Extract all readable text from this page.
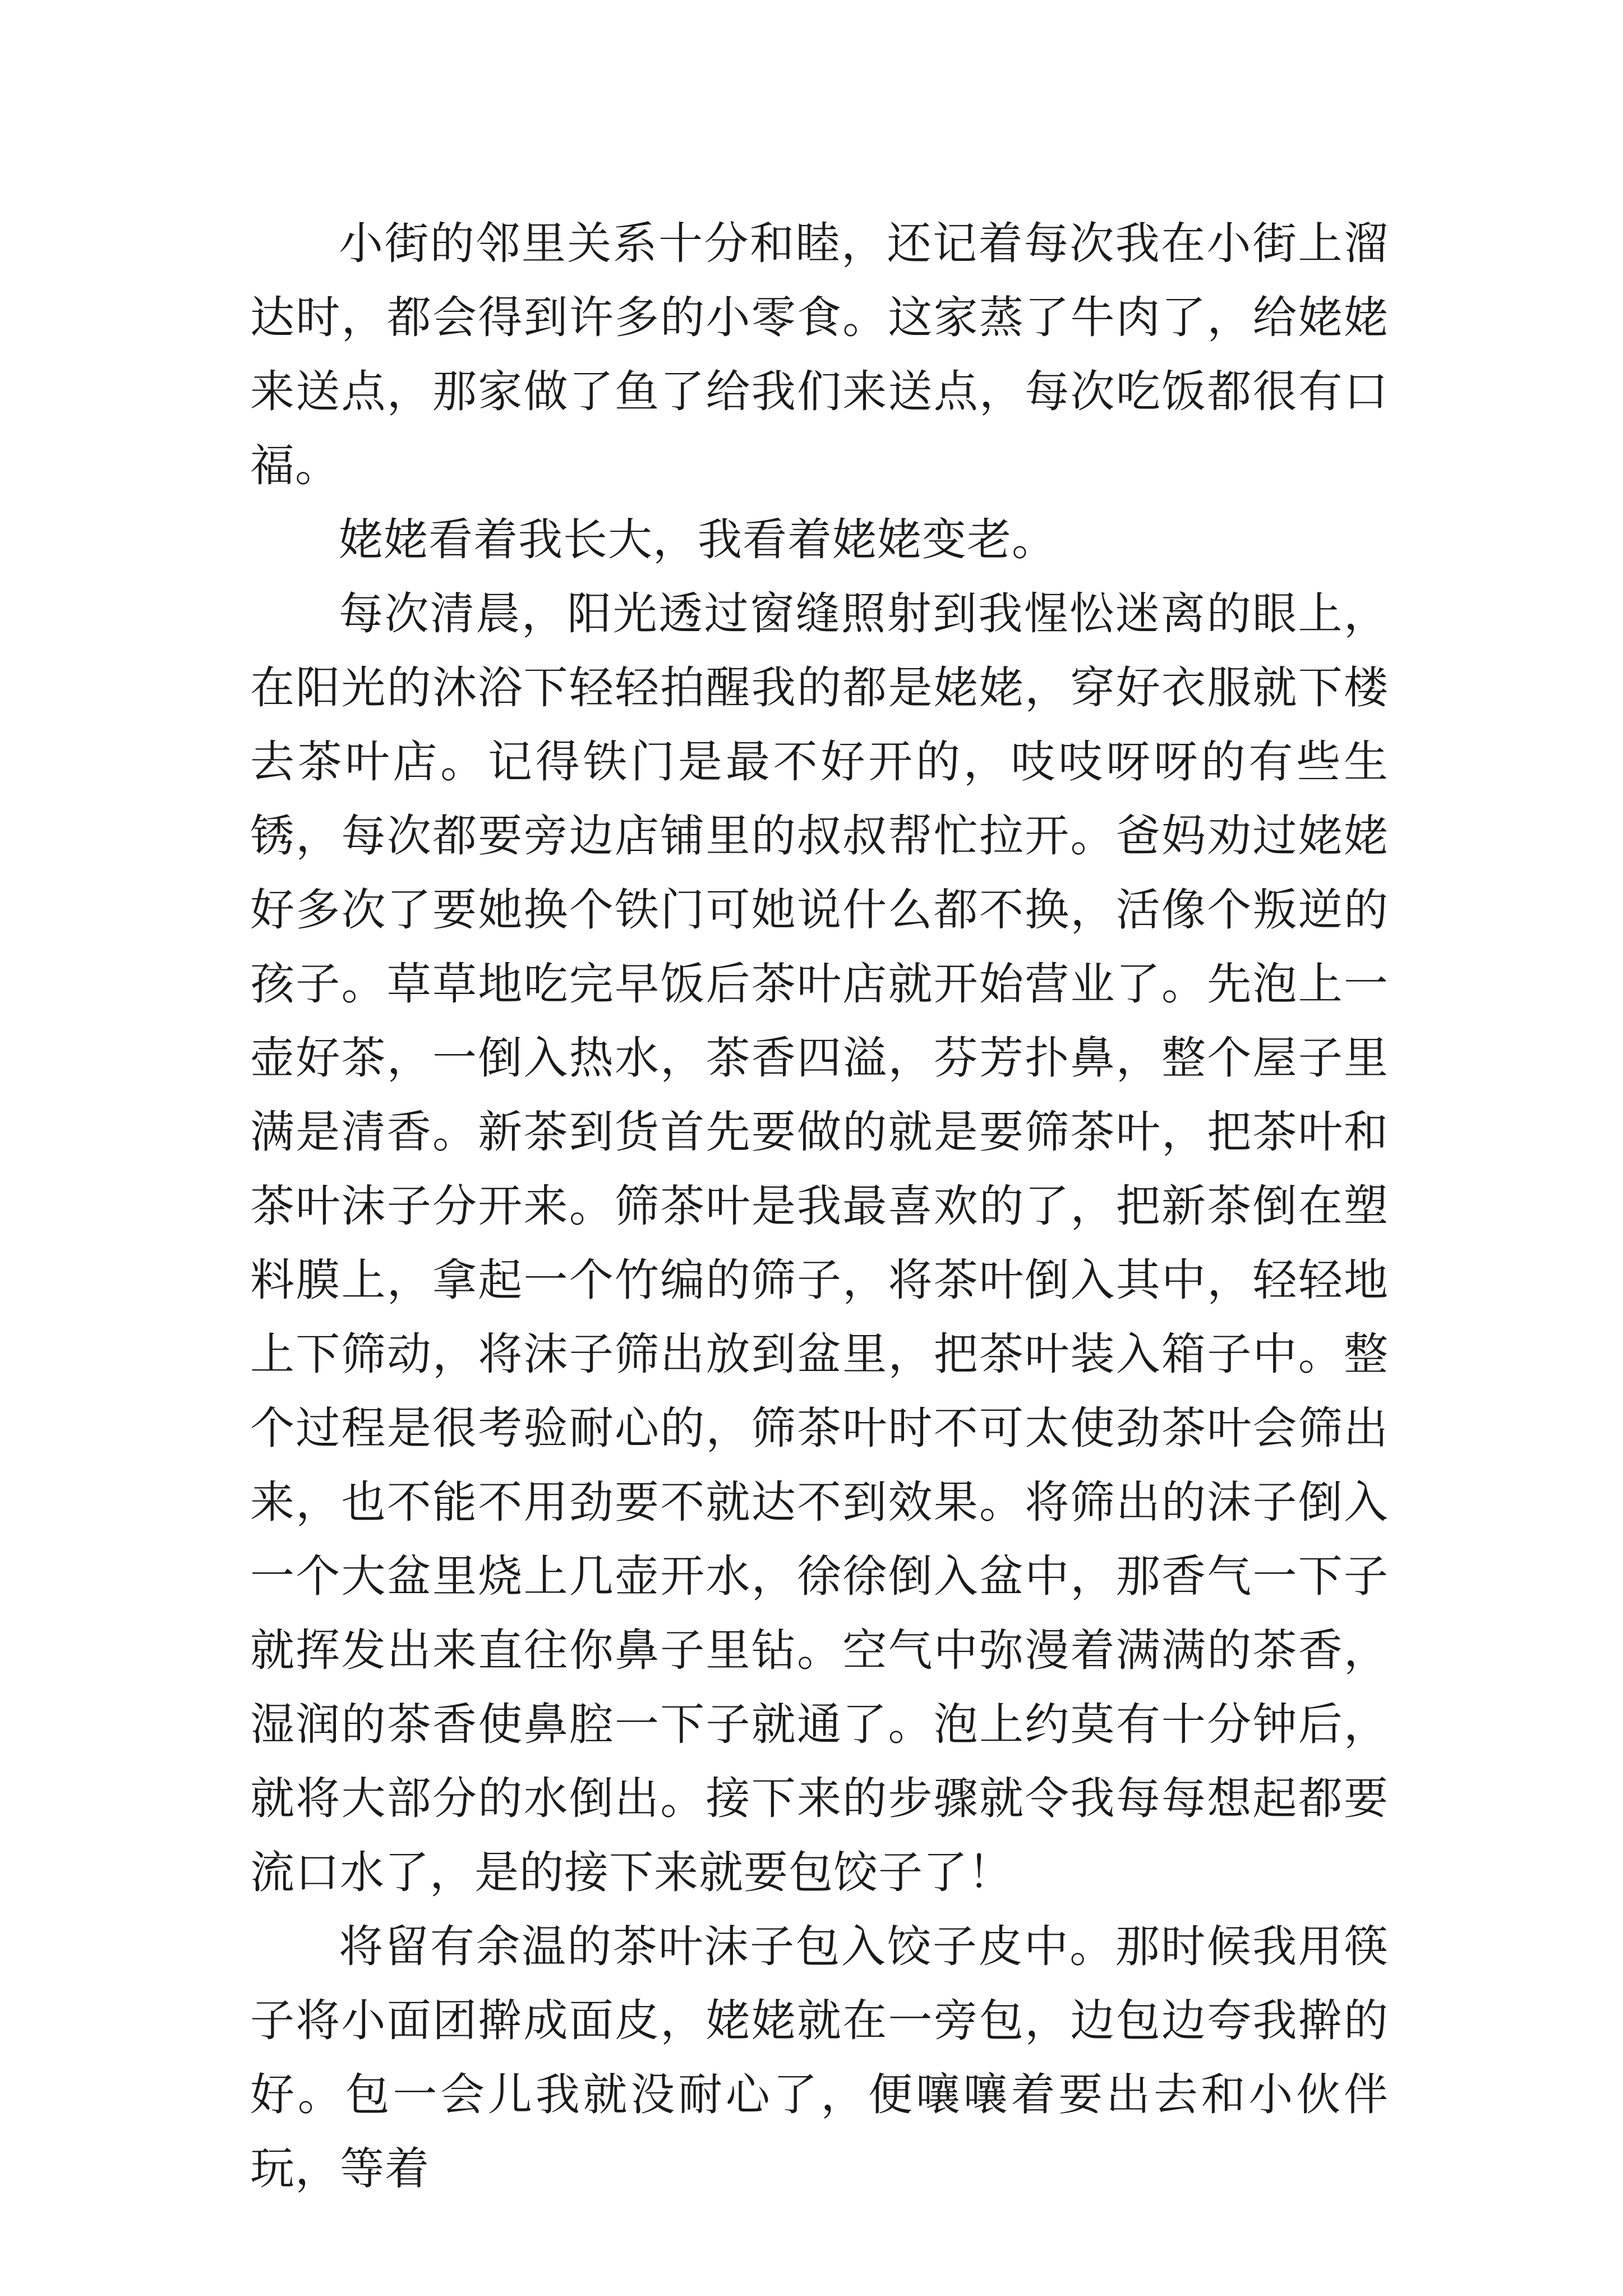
小街的邻里关系十分和睦，还记着每次我在小街上溜达时，都会得到许多的小零食。这家蒸了牛肉了，给姥姥来送点，那家做了鱼了给我们来送点，每次吃饭都很有口福。

姥姥看着我长大，我看着姥姥变老。

每次清晨，阳光透过窗缝照射到我惺忪迷离的眼上，在阳光的沐浴下轻轻拍醒我的都是姥姥，穿好衣服就下楼去茶叶店。记得铁门是最不好开的，吱吱呀呀的有些生锈，每次都要旁边店铺里的叔叔帮忙拉开。爸妈劝过姥姥好多次了要她换个铁门可她说什么都不换，活像个叛逆的孩子。草草地吃完早饭后茶叶店就开始营业了。先泡上一壶好茶，一倒入热水，茶香四溢，芬芳扑鼻，整个屋子里满是清香。新茶到货首先要做的就是要筛茶叶，把茶叶和茶叶沫子分开来。筛茶叶是我最喜欢的了，把新茶倒在塑料膜上，拿起一个竹编的筛子，将茶叶倒入其中，轻轻地上下筛动，将沫子筛出放到盆里，把茶叶装入箱子中。整个过程是很考验耐心的，筛茶叶时不可太使劲茶叶会筛出来，也不能不用劲要不就达不到效果。将筛出的沫子倒入一个大盆里烧上几壶开水，徐徐倒入盆中，那香气一下子就挥发出来直往你鼻子里钻。空气中弥漫着满满的茶香，湿润的茶香使鼻腔一下子就通了。泡上约莫有十分钟后，就将大部分的水倒出。接下来的步骤就令我每每想起都要流口水了，是的接下来就要包饺子了！

将留有余温的茶叶沫子包入饺子皮中。那时候我用筷子将小面团擀成面皮，姥姥就在一旁包，边包边夸我擀的好。包一会儿我就没耐心了，便嚷嚷着要出去和小伙伴玩，等着
